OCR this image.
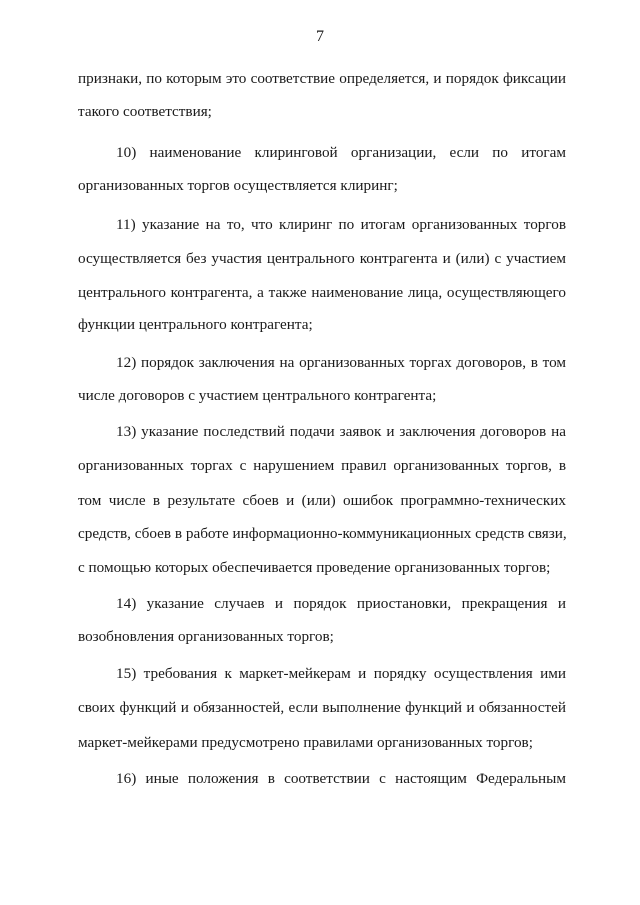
7
признаки, по которым это соответствие определяется, и порядок фиксации
такого соответствия;
10) наименование клиринговой организации, если по итогам
организованных торгов осуществляется клиринг;
11) указание на то, что клиринг по итогам организованных торгов
осуществляется без участия центрального контрагента и (или) с участием
центрального контрагента, а также наименование лица, осуществляющего
функции центрального контрагента;
12) порядок заключения на организованных торгах договоров, в том
числе договоров с участием центрального контрагента;
13) указание последствий подачи заявок и заключения договоров на
организованных торгах с нарушением правил организованных торгов, в
том числе в результате сбоев и (или) ошибок программно-технических
средств, сбоев в работе информационно-коммуникационных средств связи,
с помощью которых обеспечивается проведение организованных торгов;
14) указание случаев и порядок приостановки, прекращения и
возобновления организованных торгов;
15) требования к маркет-мейкерам и порядку осуществления ими
своих функций и обязанностей, если выполнение функций и обязанностей
маркет-мейкерами предусмотрено правилами организованных торгов;
16) иные положения в соответствии с настоящим Федеральным
